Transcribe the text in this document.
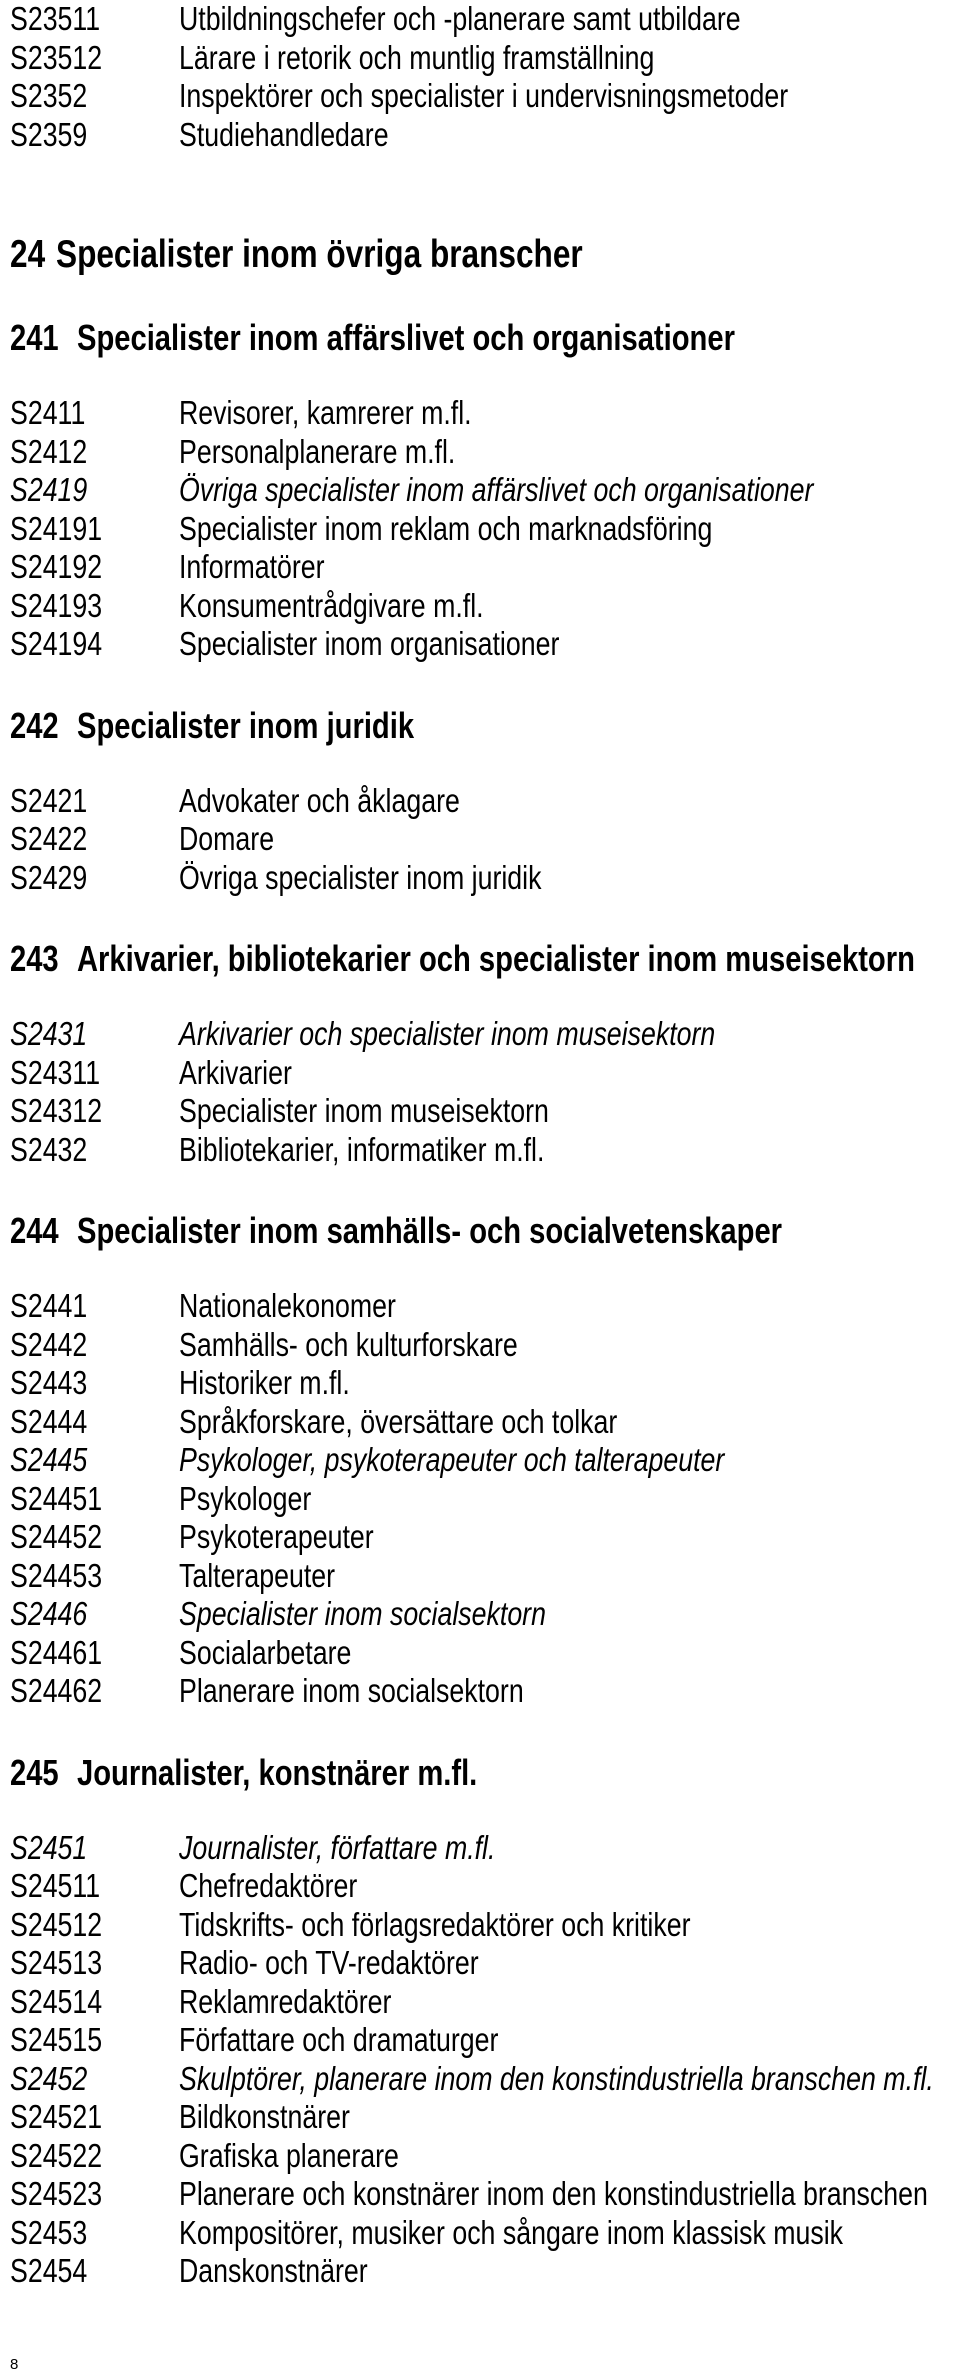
S23511 Utbildningschefer och -planerare samt utbildare
S23512 Lärare i retorik och muntlig framställning
S2352	Inspektörer och specialister i undervisningsmetoder
S2359	Studiehandledare
24 Specialister inom övriga branscher
241 Specialister inom affärslivet och organisationer
S2411	Revisorer, kamrerer m.fl.
S2412	Personalplanerare m.fl.
S2419	Övriga specialister inom affärslivet och organisationer
S24191 Specialister inom reklam och marknadsföring
S24192 Informatörer
S24193 Konsumentrådgivare m.fl.
S24194 Specialister inom organisationer
242 Specialister inom juridik
S2421	Advokater och åklagare
S2422	Domare
S2429	Övriga specialister inom juridik
243 Arkivarier, bibliotekarier och specialister inom museisektorn
S2431	Arkivarier och specialister inom museisektorn
S24311 Arkivarier
S24312 Specialister inom museisektorn
S2432	Bibliotekarier, informatiker m.fl.
244 Specialister inom samhälls- och socialvetenskaper
S2441	Nationalekonomer
S2442	Samhälls- och kulturforskare
S2443	Historiker m.fl.
S2444	Språkforskare, översättare och tolkar
S2445	Psykologer, psykoterapeuter och talterapeuter
S24451 Psykologer
S24452 Psykoterapeuter
S24453 Talterapeuter
S2446	Specialister inom socialsektorn
S24461 Socialarbetare
S24462 Planerare inom socialsektorn
245 Journalister, konstnärer m.fl.
S2451	Journalister, författare m.fl.
S24511 Chefredaktörer
S24512 Tidskrifts- och förlagsredaktörer och kritiker
S24513 Radio- och TV-redaktörer
S24514 Reklamredaktörer
S24515 Författare och dramaturger
S2452	Skulptörer, planerare inom den konstindustriella branschen m.fl.
S24521 Bildkonstnärer
S24522 Grafiska planerare
S24523 Planerare och konstnärer inom den konstindustriella branschen
S2453	Kompositörer, musiker och sångare inom klassisk musik
S2454	Danskonstnärer
8
